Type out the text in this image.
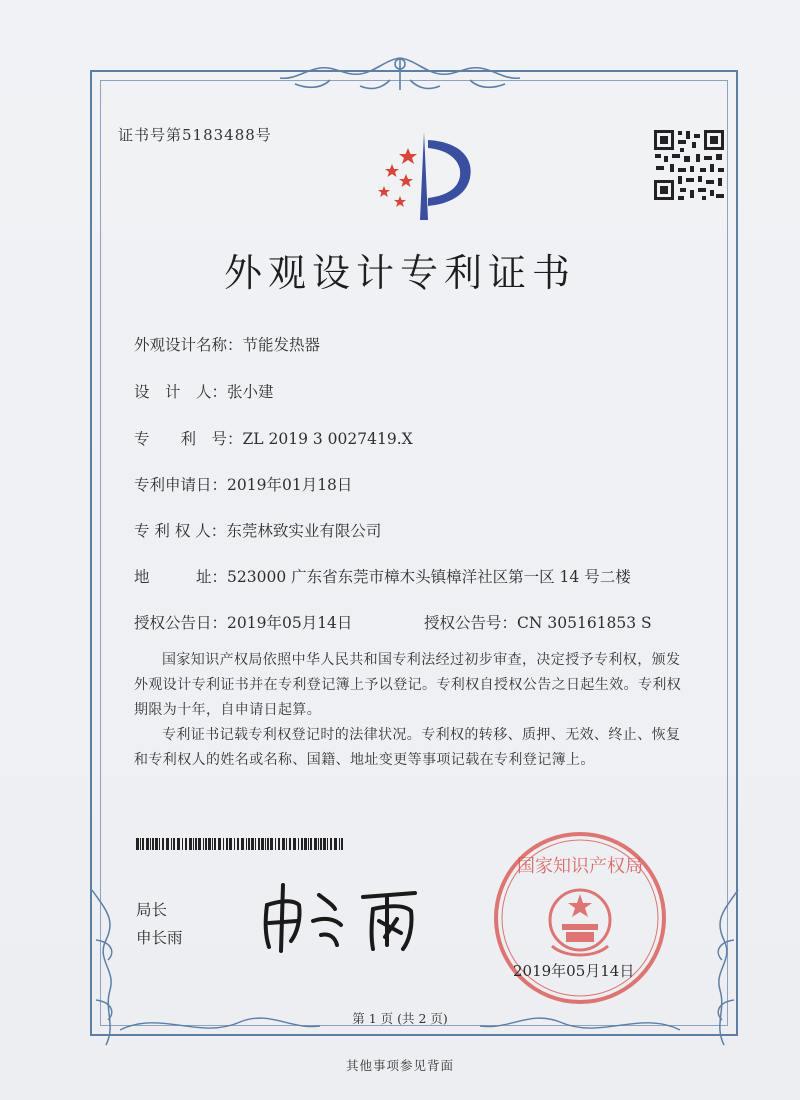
证书号第5183488号
外观设计专利证书
外观设计名称：节能发热器
设　计　人：张小建
专　　利　号：ZL 2019 3 0027419.X
专利申请日：2019年01月18日
专 利 权 人：东莞林致实业有限公司
地　　　址：523000 广东省东莞市樟木头镇樟洋社区第一区 14 号二楼
授权公告日：2019年05月14日	授权公告号：CN 305161853 S

国家知识产权局依照中华人民共和国专利法经过初步审查，决定授予专利权，颁发外观设计专利证书并在专利登记簿上予以登记。专利权自授权公告之日起生效。专利权期限为十年，自申请日起算。

专利证书记载专利权登记时的法律状况。专利权的转移、质押、无效、终止、恢复和专利权人的姓名或名称、国籍、地址变更等事项记载在专利登记簿上。

局长
申长雨
国家知识产权局
2019年05月14日
第 1 页 (共 2 页)
其他事项参见背面
